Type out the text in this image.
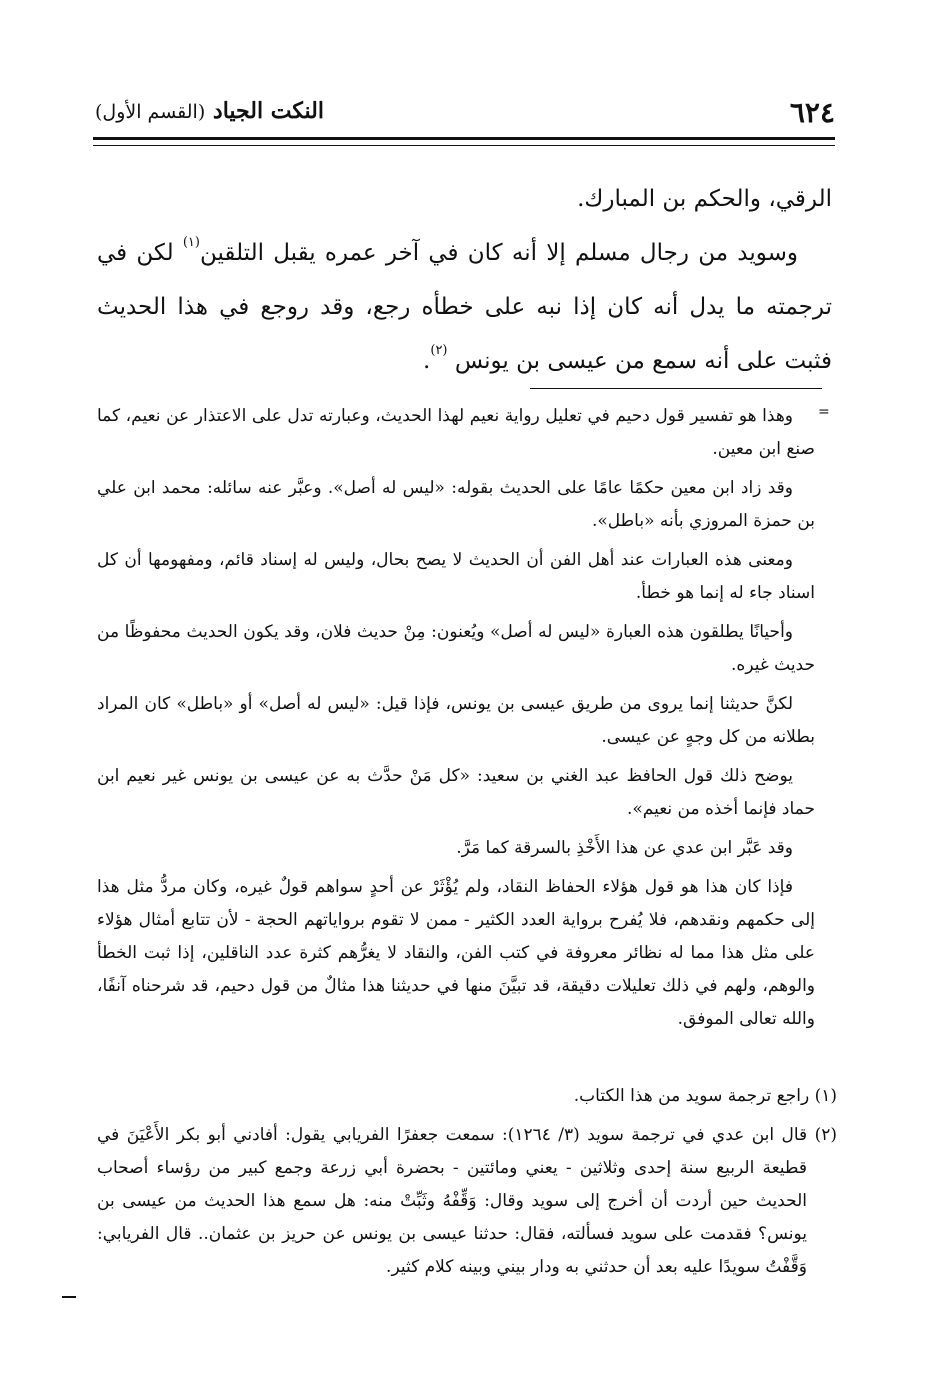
٦٢٤
النكت الجياد (القسم الأول)

الرقي، والحكم بن المبارك.

وسويد من رجال مسلم إلا أنه كان في آخر عمره يقبل التلقين$^{(١)}$ لكن في ترجمته ما يدل أنه كان إذا نبه على خطأه رجع، وقد روجع في هذا الحديث فثبت على أنه سمع من عيسى بن يونس $^{(٢)}$.

=

وهذا هو تفسير قول دحيم في تعليل رواية نعيم لهذا الحديث، وعبارته تدل على الاعتذار عن نعيم، كما صنع ابن معين.

وقد زاد ابن معين حكمًا عامًا على الحديث بقوله: «ليس له أصل». وعبَّر عنه سائله: محمد ابن علي بن حمزة المروزي بأنه «باطل».

ومعنى هذه العبارات عند أهل الفن أن الحديث لا يصح بحال، وليس له إسناد قائم، ومفهومها أن كل اسناد جاء له إنما هو خطأ.

وأحيانًا يطلقون هذه العبارة «ليس له أصل» ويُعنون: مِنْ حديث فلان، وقد يكون الحديث محفوظًا من حديث غيره.

لكنَّ حديثنا إنما يروى من طريق عيسى بن يونس، فإذا قيل: «ليس له أصل» أو «باطل» كان المراد بطلانه من كل وجهٍ عن عيسى.

يوضح ذلك قول الحافظ عبد الغني بن سعيد: «كل مَنْ حدَّث به عن عيسى بن يونس غير نعيم ابن حماد فإنما أخذه من نعيم».

وقد عَبَّر ابن عدي عن هذا الأَخْذِ بالسرقة كما مَرَّ.

فإذا كان هذا هو قول هؤلاء الحفاظ النقاد، ولم يُؤْثَرْ عن أحدٍ سواهم قولٌ غيره، وكان مردُّ مثل هذا إلى حكمهم ونقدهم، فلا يُفرح برواية العدد الكثير - ممن لا تقوم برواياتهم الحجة - لأن تتابع أمثال هؤلاء على مثل هذا مما له نظائر معروفة في كتب الفن، والنقاد لا يغرُّهم كثرة عدد الناقلين، إذا ثبت الخطأ والوهم، ولهم في ذلك تعليلات دقيقة، قد تبيَّنَ منها في حديثنا هذا مثالٌ من قول دحيم، قد شرحناه آنفًا، والله تعالى الموفق.

(١) راجع ترجمة سويد من هذا الكتاب.

(٢) قال ابن عدي في ترجمة سويد (٣/ ١٢٦٤): سمعت جعفرًا الفريابي يقول: أفادني أبو بكر الأَعْيَنَ في قطيعة الربيع سنة إحدى وثلاثين - يعني ومائتين - بحضرة أبي زرعة وجمع كبير من رؤساء أصحاب الحديث حين أردت أن أخرج إلى سويد وقال: وَقِّفْهُ وثَبِّتْ منه: هل سمع هذا الحديث من عيسى بن يونس؟ فقدمت على سويد فسألته، فقال: حدثنا عيسى بن يونس عن حريز بن عثمان.. قال الفريابي: وَقَّفْتُ سويدًا عليه بعد أن حدثني به ودار بيني وبينه كلام كثير.
